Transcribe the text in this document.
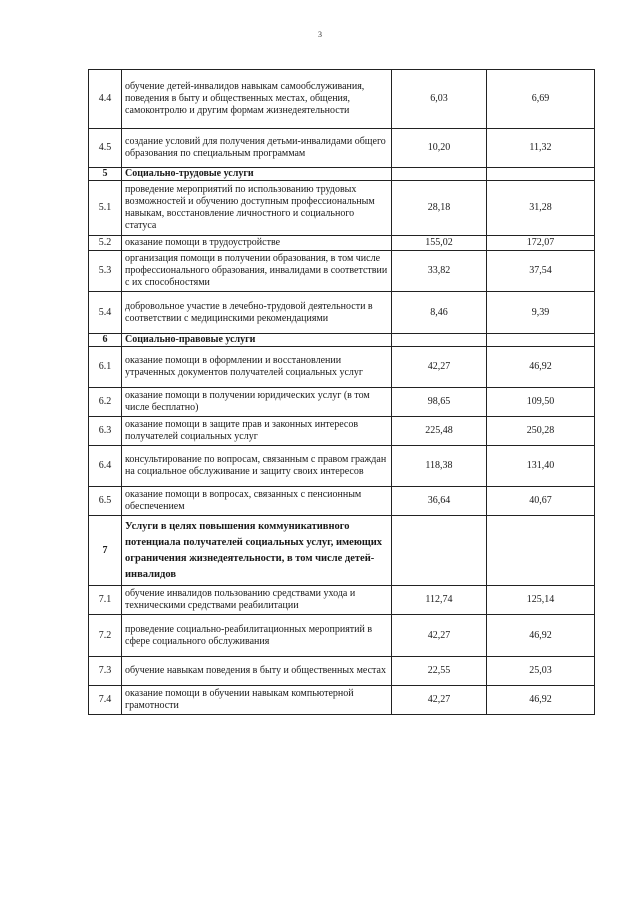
3
4.4	обучение детей-инвалидов навыкам самообслуживания, поведения в быту и общественных местах, общения, самоконтролю и другим формам жизнедеятельности	6,03	6,69
4.5	создание условий для получения детьми-инвалидами общего образования по специальным программам	10,20	11,32
5	Социально-трудовые услуги		
5.1	проведение мероприятий по использованию трудовых возможностей и обучению доступным профессиональным навыкам, восстановление личностного и социального статуса	28,18	31,28
5.2	оказание помощи в трудоустройстве	155,02	172,07
5.3	организация помощи в получении образования, в том числе профессионального образования, инвалидами в соответствии с их способностями	33,82	37,54
5.4	добровольное участие в лечебно-трудовой деятельности в соответствии с медицинскими рекомендациями	8,46	9,39
6	Социально-правовые услуги		
6.1	оказание помощи в оформлении и восстановлении утраченных документов получателей социальных услуг	42,27	46,92
6.2	оказание помощи в получении юридических услуг (в том числе бесплатно)	98,65	109,50
6.3	оказание помощи в защите прав и законных интересов получателей социальных услуг	225,48	250,28
6.4	консультирование по вопросам, связанным с правом граждан на социальное обслуживание и защиту своих интересов	118,38	131,40
6.5	оказание помощи в вопросах, связанных с пенсионным обеспечением	36,64	40,67
7	Услуги в целях повышения коммуникативного потенциала получателей социальных услуг, имеющих ограничения жизнедеятельности, в том числе детей-инвалидов		
7.1	обучение инвалидов пользованию средствами ухода и техническими средствами реабилитации	112,74	125,14
7.2	проведение социально-реабилитационных мероприятий в сфере социального обслуживания	42,27	46,92
7.3	обучение навыкам поведения в быту и общественных местах	22,55	25,03
7.4	оказание помощи в обучении навыкам компьютерной грамотности	42,27	46,92
